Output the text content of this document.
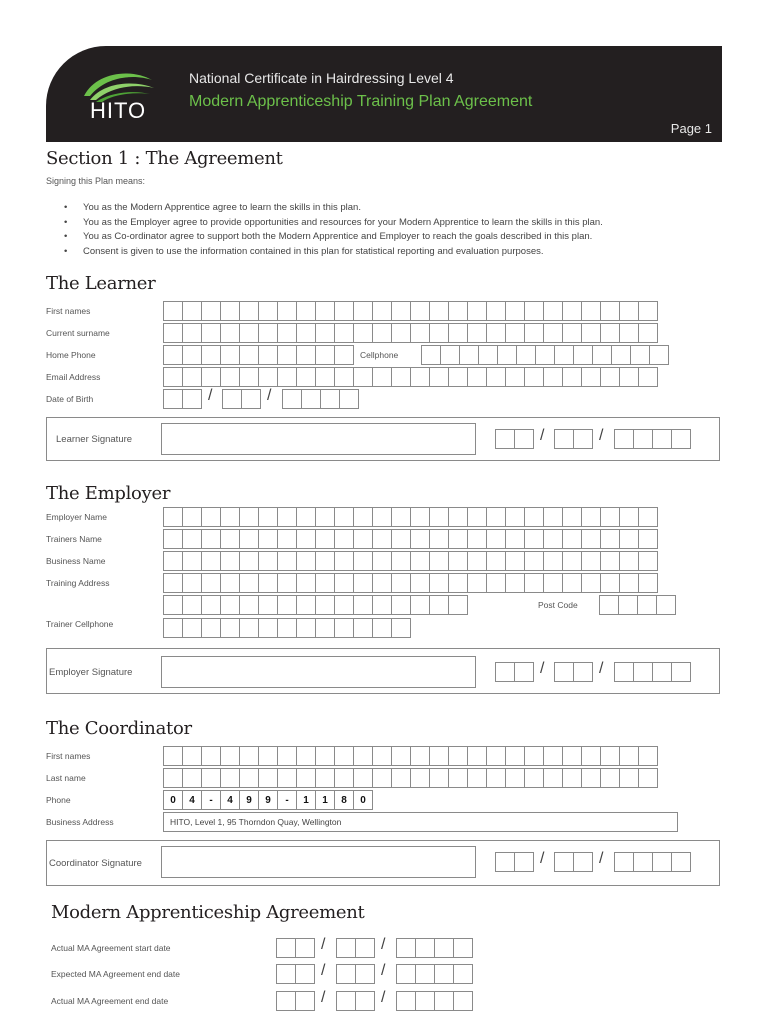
HITO
National Certificate in Hairdressing Level 4
Modern Apprenticeship Training Plan Agreement
Page 1
Section 1 : The Agreement
Signing this Plan means:
• You as the Modern Apprentice agree to learn the skills in this plan.
• You as the Employer agree to provide opportunities and resources for your Modern Apprentice to learn the skills in this plan.
• You as Co-ordinator agree to support both the Modern Apprentice and Employer to reach the goals described in this plan.
• Consent is given to use the information contained in this plan for statistical reporting and evaluation purposes.
The Learner
First names
Current surname
Home Phone	Cellphone
Email Address
Date of Birth	/	/
Learner Signature	/	/
The Employer
Employer Name
Trainers Name
Business Name
Training Address
Post Code
Trainer Cellphone
Employer Signature	/	/
The Coordinator
First names
Last name
Phone	0	4	-	4	9	9	-	1	1	8	0
Business Address	HITO, Level 1, 95 Thorndon Quay, Wellington
Coordinator Signature	/	/
Modern Apprenticeship Agreement
Actual MA Agreement start date	/	/
Expected MA Agreement end date	/	/
Actual MA Agreement end date	/	/
